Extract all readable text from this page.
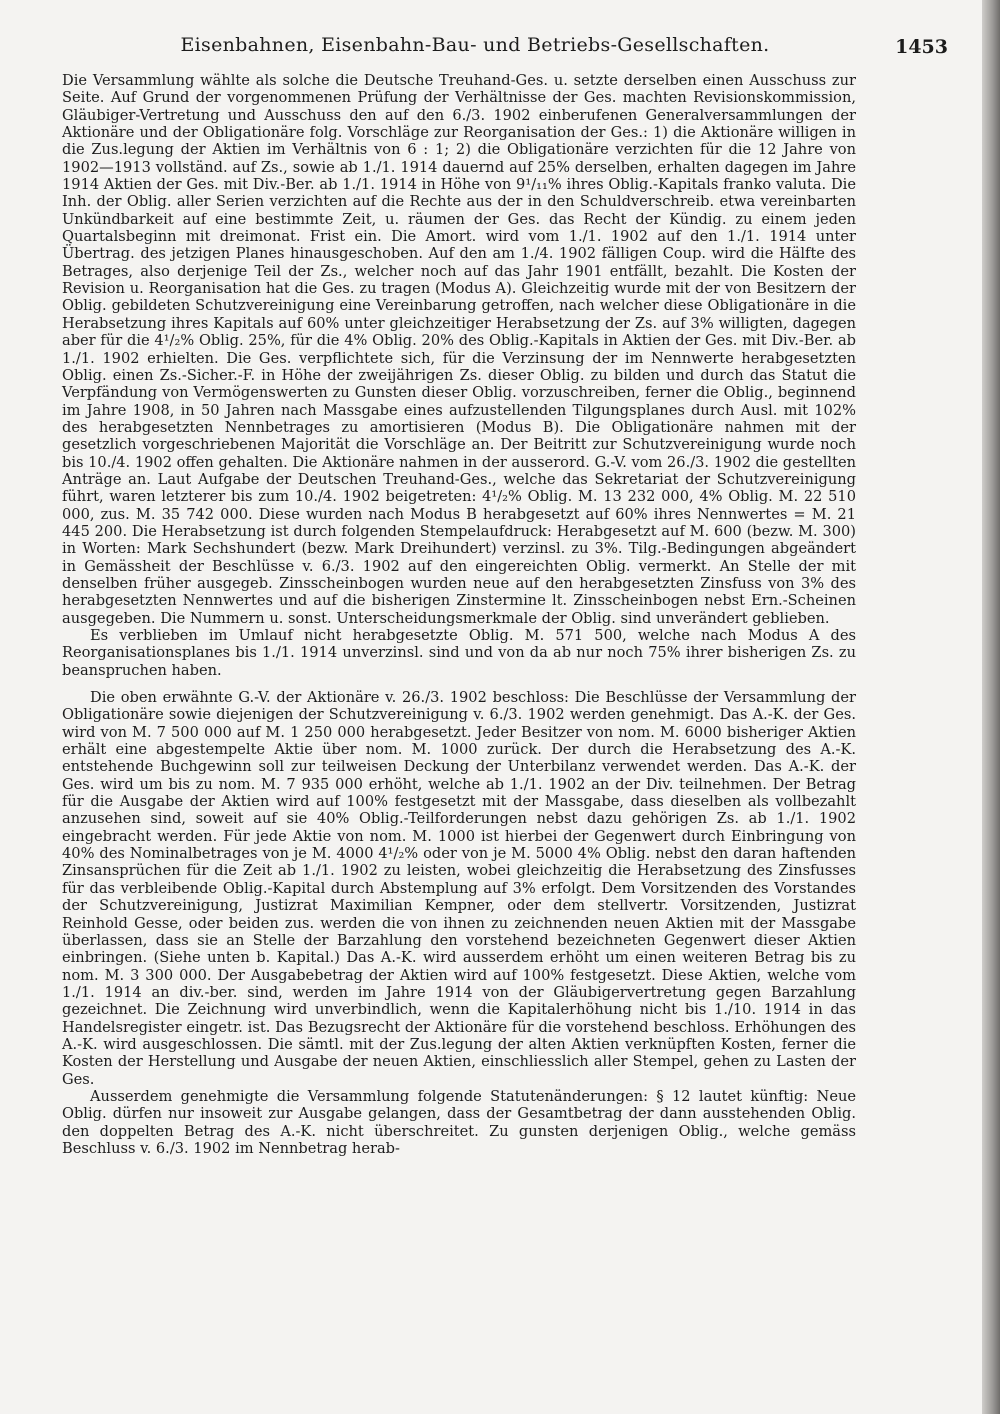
Eisenbahnen, Eisenbahn-Bau- und Betriebs-Gesellschaften.	1453

Die Versammlung wählte als solche die Deutsche Treuhand-Ges. u. setzte derselben einen Ausschuss zur Seite. Auf Grund der vorgenommenen Prüfung der Verhältnisse der Ges. machten Revisionskommission, Gläubiger-Vertretung und Ausschuss den auf den 6./3. 1902 einberufenen Generalversammlungen der Aktionäre und der Obligationäre folg. Vorschläge zur Reorganisation der Ges.: 1) die Aktionäre willigen in die Zus.legung der Aktien im Verhältnis von 6 : 1; 2) die Obligationäre verzichten für die 12 Jahre von 1902—1913 vollständ. auf Zs., sowie ab 1./1. 1914 dauernd auf 25% derselben, erhalten dagegen im Jahre 1914 Aktien der Ges. mit Div.-Ber. ab 1./1. 1914 in Höhe von 9¹/₁₁% ihres Oblig.-Kapitals franko valuta. Die Inh. der Oblig. aller Serien verzichten auf die Rechte aus der in den Schuldverschreib. etwa vereinbarten Unkündbarkeit auf eine bestimmte Zeit, u. räumen der Ges. das Recht der Kündig. zu einem jeden Quartalsbeginn mit dreimonat. Frist ein. Die Amort. wird vom 1./1. 1902 auf den 1./1. 1914 unter Übertrag. des jetzigen Planes hinausgeschoben. Auf den am 1./4. 1902 fälligen Coup. wird die Hälfte des Betrages, also derjenige Teil der Zs., welcher noch auf das Jahr 1901 entfällt, bezahlt. Die Kosten der Revision u. Reorganisation hat die Ges. zu tragen (Modus A). Gleichzeitig wurde mit der von Besitzern der Oblig. gebildeten Schutzvereinigung eine Vereinbarung getroffen, nach welcher diese Obligationäre in die Herabsetzung ihres Kapitals auf 60% unter gleichzeitiger Herabsetzung der Zs. auf 3% willigten, dagegen aber für die 4¹/₂% Oblig. 25%, für die 4% Oblig. 20% des Oblig.-Kapitals in Aktien der Ges. mit Div.-Ber. ab 1./1. 1902 erhielten. Die Ges. verpflichtete sich, für die Verzinsung der im Nennwerte herabgesetzten Oblig. einen Zs.-Sicher.-F. in Höhe der zweijährigen Zs. dieser Oblig. zu bilden und durch das Statut die Verpfändung von Vermögenswerten zu Gunsten dieser Oblig. vorzuschreiben, ferner die Oblig., beginnend im Jahre 1908, in 50 Jahren nach Massgabe eines aufzustellenden Tilgungsplanes durch Ausl. mit 102% des herabgesetzten Nennbetrages zu amortisieren (Modus B). Die Obligationäre nahmen mit der gesetzlich vorgeschriebenen Majorität die Vorschläge an. Der Beitritt zur Schutzvereinigung wurde noch bis 10./4. 1902 offen gehalten. Die Aktionäre nahmen in der ausserord. G.-V. vom 26./3. 1902 die gestellten Anträge an. Laut Aufgabe der Deutschen Treuhand-Ges., welche das Sekretariat der Schutzvereinigung führt, waren letzterer bis zum 10./4. 1902 beigetreten: 4¹/₂% Oblig. M. 13 232 000, 4% Oblig. M. 22 510 000, zus. M. 35 742 000. Diese wurden nach Modus B herabgesetzt auf 60% ihres Nennwertes = M. 21 445 200. Die Herabsetzung ist durch folgenden Stempelaufdruck: Herabgesetzt auf M. 600 (bezw. M. 300) in Worten: Mark Sechshundert (bezw. Mark Dreihundert) verzinsl. zu 3%. Tilg.-Bedingungen abgeändert in Gemässheit der Beschlüsse v. 6./3. 1902 auf den eingereichten Oblig. vermerkt. An Stelle der mit denselben früher ausgegeb. Zinsscheinbogen wurden neue auf den herabgesetzten Zinsfuss von 3% des herabgesetzten Nennwertes und auf die bisherigen Zinstermine lt. Zinsscheinbogen nebst Ern.-Scheinen ausgegeben. Die Nummern u. sonst. Unterscheidungsmerkmale der Oblig. sind unverändert geblieben.

Es verblieben im Umlauf nicht herabgesetzte Oblig. M. 571 500, welche nach Modus A des Reorganisationsplanes bis 1./1. 1914 unverzinsl. sind und von da ab nur noch 75% ihrer bisherigen Zs. zu beanspruchen haben.

Die oben erwähnte G.-V. der Aktionäre v. 26./3. 1902 beschloss: Die Beschlüsse der Versammlung der Obligationäre sowie diejenigen der Schutzvereinigung v. 6./3. 1902 werden genehmigt. Das A.-K. der Ges. wird von M. 7 500 000 auf M. 1 250 000 herabgesetzt. Jeder Besitzer von nom. M. 6000 bisheriger Aktien erhält eine abgestempelte Aktie über nom. M. 1000 zurück. Der durch die Herabsetzung des A.-K. entstehende Buchgewinn soll zur teilweisen Deckung der Unterbilanz verwendet werden. Das A.-K. der Ges. wird um bis zu nom. M. 7 935 000 erhöht, welche ab 1./1. 1902 an der Div. teilnehmen. Der Betrag für die Ausgabe der Aktien wird auf 100% festgesetzt mit der Massgabe, dass dieselben als vollbezahlt anzusehen sind, soweit auf sie 40% Oblig.-Teilforderungen nebst dazu gehörigen Zs. ab 1./1. 1902 eingebracht werden. Für jede Aktie von nom. M. 1000 ist hierbei der Gegenwert durch Einbringung von 40% des Nominalbetrages von je M. 4000 4¹/₂% oder von je M. 5000 4% Oblig. nebst den daran haftenden Zinsansprüchen für die Zeit ab 1./1. 1902 zu leisten, wobei gleichzeitig die Herabsetzung des Zinsfusses für das verbleibende Oblig.-Kapital durch Abstemplung auf 3% erfolgt. Dem Vorsitzenden des Vorstandes der Schutzvereinigung, Justizrat Maximilian Kempner, oder dem stellvertr. Vorsitzenden, Justizrat Reinhold Gesse, oder beiden zus. werden die von ihnen zu zeichnenden neuen Aktien mit der Massgabe überlassen, dass sie an Stelle der Barzahlung den vorstehend bezeichneten Gegenwert dieser Aktien einbringen. (Siehe unten b. Kapital.) Das A.-K. wird ausserdem erhöht um einen weiteren Betrag bis zu nom. M. 3 300 000. Der Ausgabebetrag der Aktien wird auf 100% festgesetzt. Diese Aktien, welche vom 1./1. 1914 an div.-ber. sind, werden im Jahre 1914 von der Gläubigervertretung gegen Barzahlung gezeichnet. Die Zeichnung wird unverbindlich, wenn die Kapitalerhöhung nicht bis 1./10. 1914 in das Handelsregister eingetr. ist. Das Bezugsrecht der Aktionäre für die vorstehend beschloss. Erhöhungen des A.-K. wird ausgeschlossen. Die sämtl. mit der Zus.legung der alten Aktien verknüpften Kosten, ferner die Kosten der Herstellung und Ausgabe der neuen Aktien, einschliesslich aller Stempel, gehen zu Lasten der Ges.

Ausserdem genehmigte die Versammlung folgende Statutenänderungen: § 12 lautet künftig: Neue Oblig. dürfen nur insoweit zur Ausgabe gelangen, dass der Gesamtbetrag der dann ausstehenden Oblig. den doppelten Betrag des A.-K. nicht überschreitet. Zu gunsten derjenigen Oblig., welche gemäss Beschluss v. 6./3. 1902 im Nennbetrag herab-
